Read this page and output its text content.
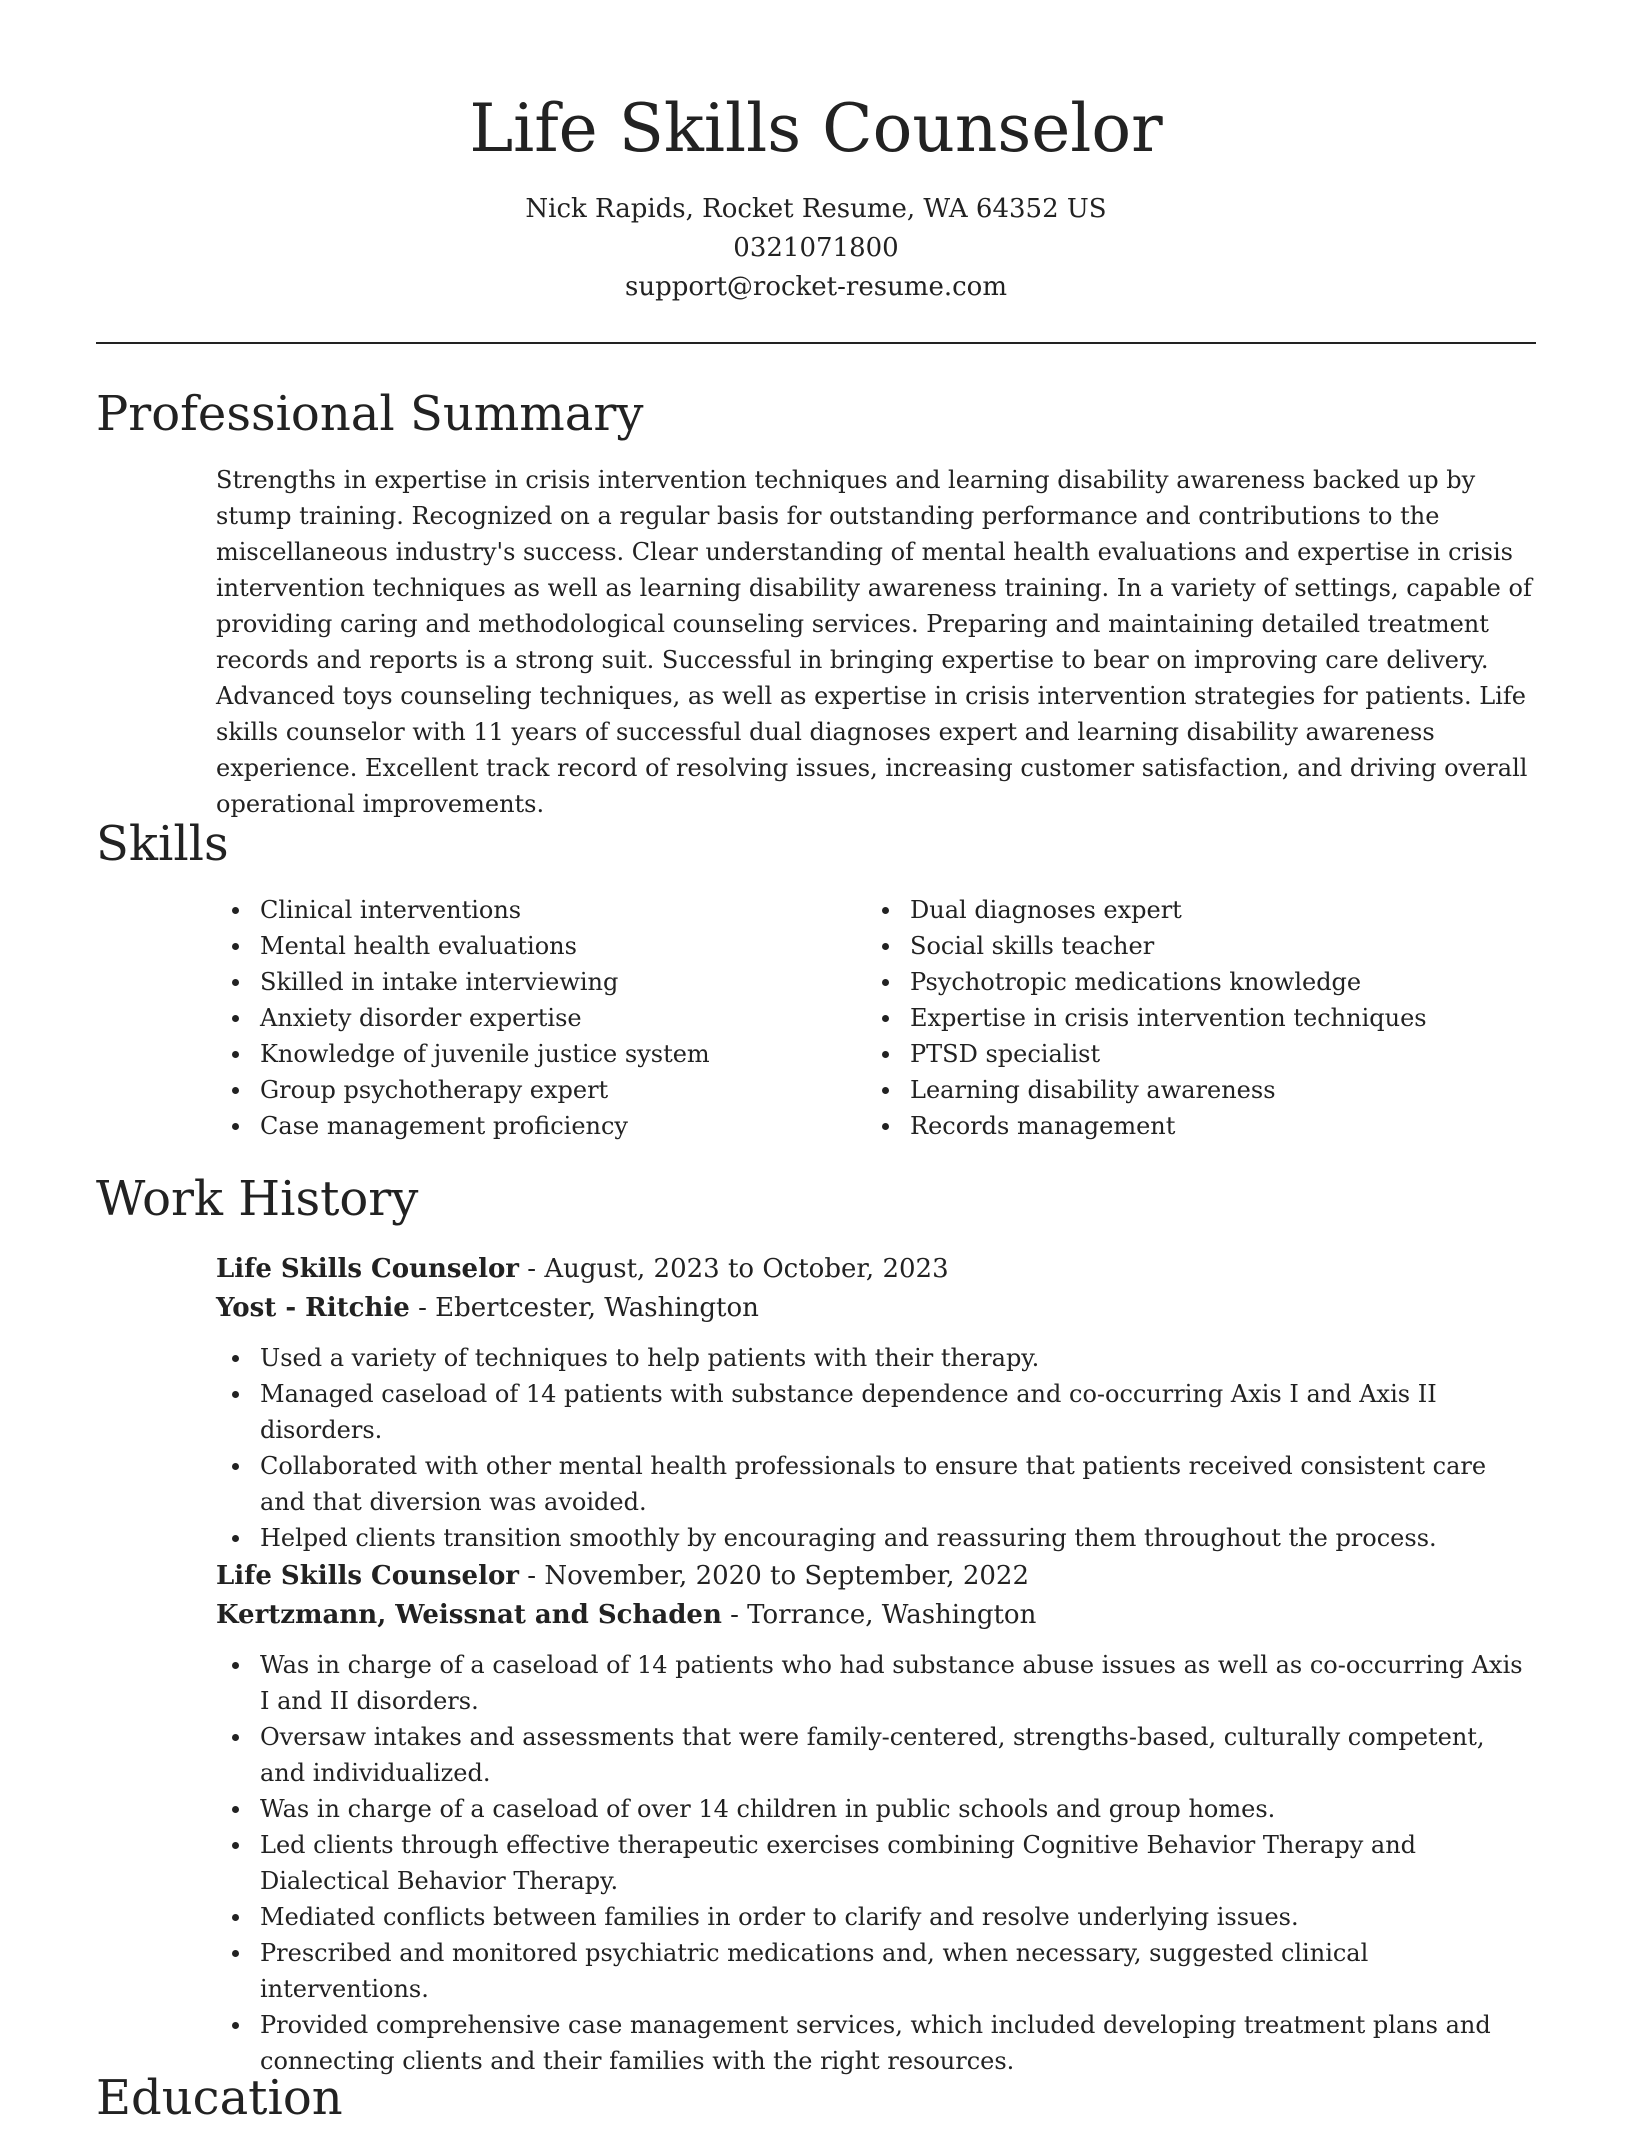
Life Skills Counselor
Nick Rapids, Rocket Resume, WA 64352 US
0321071800
support@rocket-resume.com
Professional Summary

Strengths in expertise in crisis intervention techniques and learning disability awareness backed up by stump training. Recognized on a regular basis for outstanding performance and contributions to the miscellaneous industry's success. Clear understanding of mental health evaluations and expertise in crisis intervention techniques as well as learning disability awareness training. In a variety of settings, capable of providing caring and methodological counseling services. Preparing and maintaining detailed treatment records and reports is a strong suit. Successful in bringing expertise to bear on improving care delivery. Advanced toys counseling techniques, as well as expertise in crisis intervention strategies for patients. Life skills counselor with 11 years of successful dual diagnoses expert and learning disability awareness experience. Excellent track record of resolving issues, increasing customer satisfaction, and driving overall operational improvements.

Skills
Clinical interventions
Mental health evaluations
Skilled in intake interviewing
Anxiety disorder expertise
Knowledge of juvenile justice system
Group psychotherapy expert
Case management proficiency
Dual diagnoses expert
Social skills teacher
Psychotropic medications knowledge
Expertise in crisis intervention techniques
PTSD specialist
Learning disability awareness
Records management
Work History
Life Skills Counselor - August, 2023 to October, 2023
Yost - Ritchie - Ebertcester, Washington
Used a variety of techniques to help patients with their therapy.
Managed caseload of 14 patients with substance dependence and co-occurring Axis I and Axis II disorders.
Collaborated with other mental health professionals to ensure that patients received consistent care and that diversion was avoided.
Helped clients transition smoothly by encouraging and reassuring them throughout the process.
Life Skills Counselor - November, 2020 to September, 2022
Kertzmann, Weissnat and Schaden - Torrance, Washington
Was in charge of a caseload of 14 patients who had substance abuse issues as well as co-occurring Axis I and II disorders.
Oversaw intakes and assessments that were family-centered, strengths-based, culturally competent, and individualized.
Was in charge of a caseload of over 14 children in public schools and group homes.
Led clients through effective therapeutic exercises combining Cognitive Behavior Therapy and Dialectical Behavior Therapy.
Mediated conflicts between families in order to clarify and resolve underlying issues.
Prescribed and monitored psychiatric medications and, when necessary, suggested clinical interventions.
Provided comprehensive case management services, which included developing treatment plans and connecting clients and their families with the right resources.
Education
